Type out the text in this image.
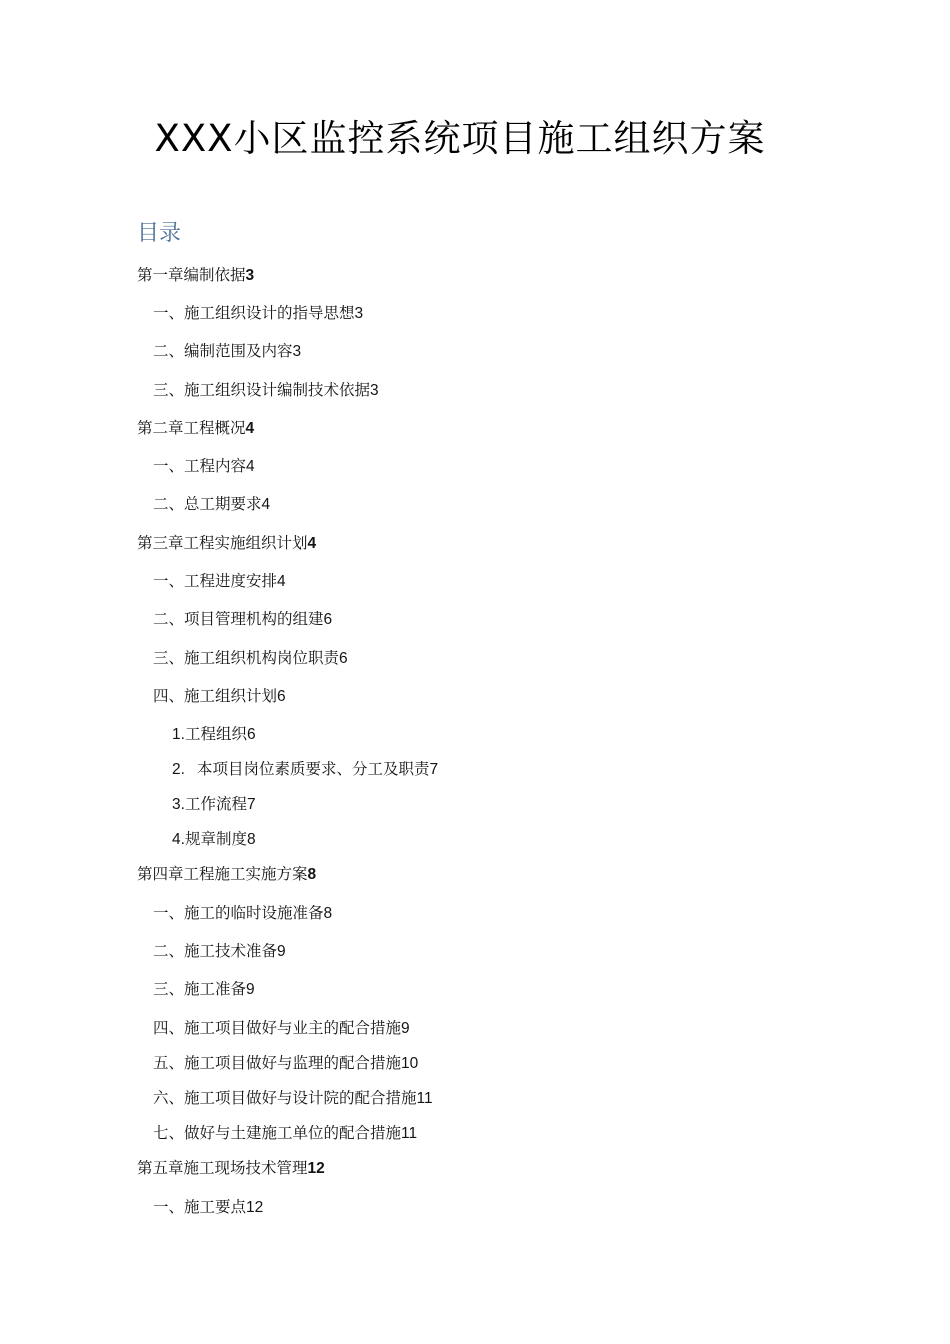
XXX小区监控系统项目施工组织方案
目录
第一章编制依据3
一、施工组织设计的指导思想3
二、编制范围及内容3
三、施工组织设计编制技术依据3
第二章工程概况4
一、工程内容4
二、总工期要求4
第三章工程实施组织计划4
一、工程进度安排4
二、项目管理机构的组建6
三、施工组织机构岗位职责6
四、施工组织计划6
1.工程组织6
2. 本项目岗位素质要求、分工及职责7
3.工作流程7
4.规章制度8
第四章工程施工实施方案8
一、施工的临时设施准备8
二、施工技术准备9
三、施工准备9
四、施工项目做好与业主的配合措施9
五、施工项目做好与监理的配合措施10
六、施工项目做好与设计院的配合措施11
七、做好与土建施工单位的配合措施11
第五章施工现场技术管理12
一、施工要点12
